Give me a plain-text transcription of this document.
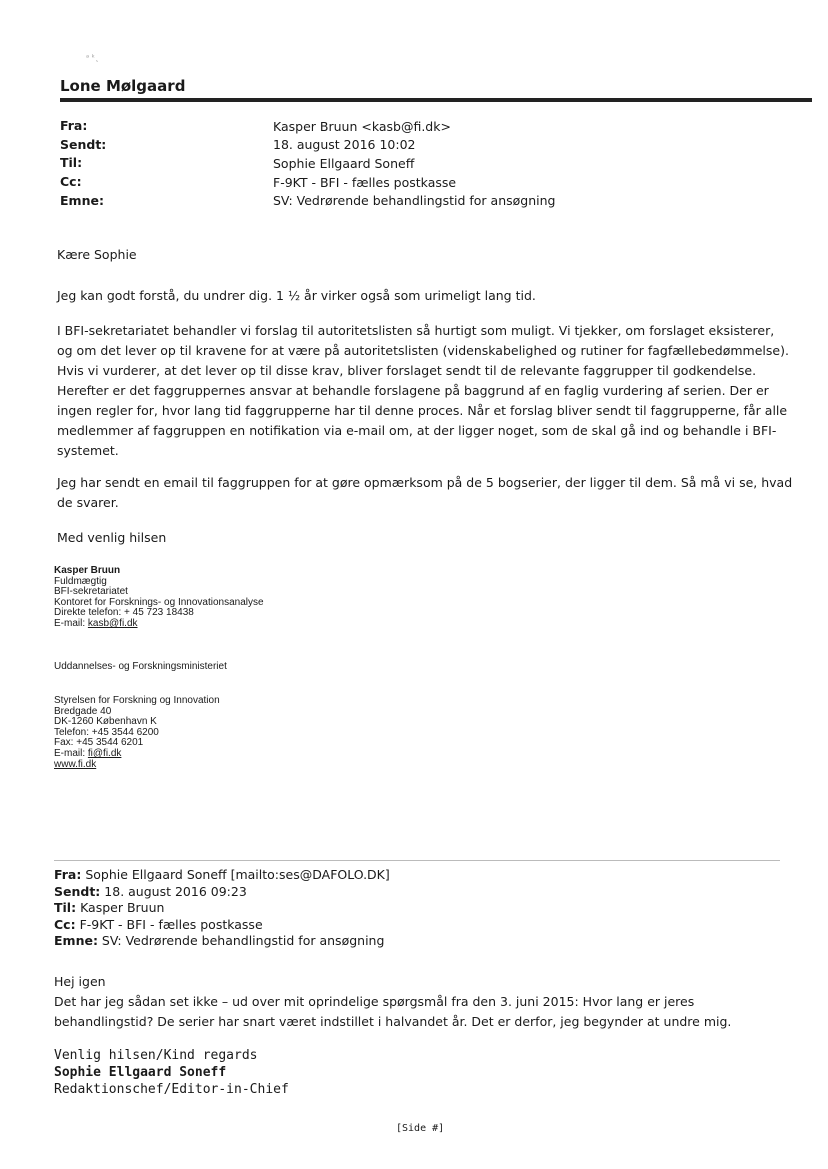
ᵃ ᵏ˛
Lone Mølgaard
Fra:	Kasper Bruun <kasb@fi.dk>
Sendt:	18. august 2016 10:02
Til:	Sophie Ellgaard Soneff
Cc:	F-9KT - BFI - fælles postkasse
Emne:	SV: Vedrørende behandlingstid for ansøgning
Kære Sophie
Jeg kan godt forstå, du undrer dig. 1 ½ år virker også som urimeligt lang tid.
I BFI-sekretariatet behandler vi forslag til autoritetslisten så hurtigt som muligt. Vi tjekker, om forslaget eksisterer,
og om det lever op til kravene for at være på autoritetslisten (videnskabelighed og rutiner for fagfællebedømmelse).
Hvis vi vurderer, at det lever op til disse krav, bliver forslaget sendt til de relevante faggrupper til godkendelse.
Herefter er det faggruppernes ansvar at behandle forslagene på baggrund af en faglig vurdering af serien. Der er
ingen regler for, hvor lang tid faggrupperne har til denne proces. Når et forslag bliver sendt til faggrupperne, får alle
medlemmer af faggruppen en notifikation via e-mail om, at der ligger noget, som de skal gå ind og behandle i BFI-
systemet.
Jeg har sendt en email til faggruppen for at gøre opmærksom på de 5 bogserier, der ligger til dem. Så må vi se, hvad
de svarer.
Med venlig hilsen
Kasper Bruun
Fuldmægtig
BFI-sekretariatet
Kontoret for Forsknings- og Innovationsanalyse
Direkte telefon: + 45 723 18438
E-mail: kasb@fi.dk
Uddannelses- og Forskningsministeriet
Styrelsen for Forskning og Innovation
Bredgade 40
DK-1260 København K
Telefon: +45 3544 6200
Fax: +45 3544 6201
E-mail: fi@fi.dk
www.fi.dk
Fra: Sophie Ellgaard Soneff [mailto:ses@DAFOLO.DK]
Sendt: 18. august 2016 09:23
Til: Kasper Bruun
Cc: F-9KT - BFI - fælles postkasse
Emne: SV: Vedrørende behandlingstid for ansøgning
Hej igen
Det har jeg sådan set ikke – ud over mit oprindelige spørgsmål fra den 3. juni 2015: Hvor lang er jeres
behandlingstid? De serier har snart været indstillet i halvandet år. Det er derfor, jeg begynder at undre mig.
Venlig hilsen/Kind regards
Sophie Ellgaard Soneff
Redaktionschef/Editor-in-Chief
[Side #]
